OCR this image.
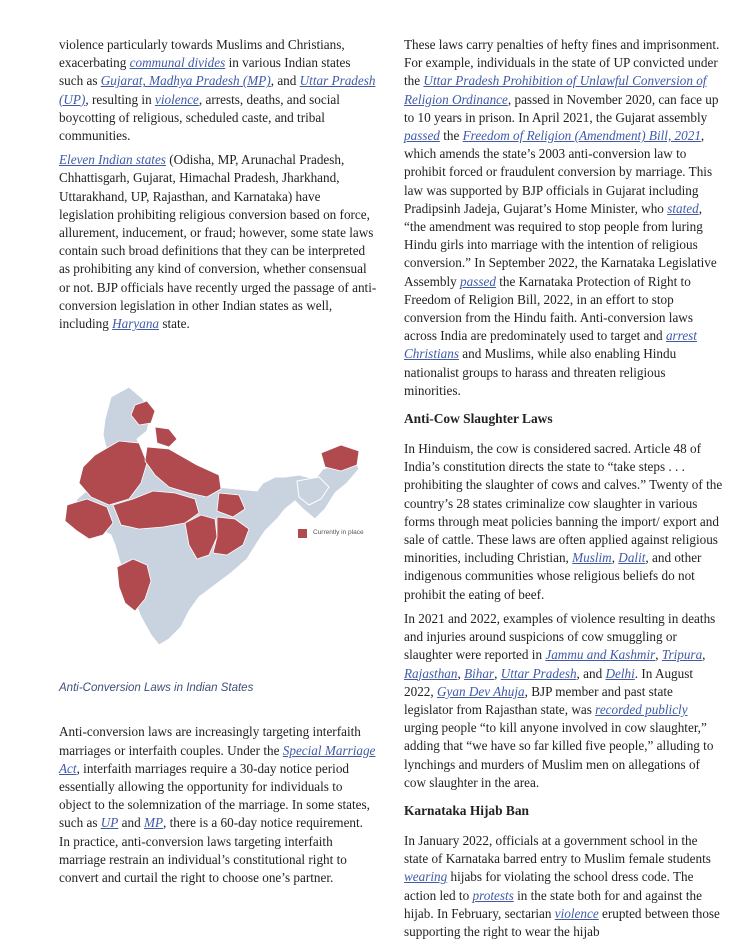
violence particularly towards Muslims and Christians, exacerbating communal divides in various Indian states such as Gujarat, Madhya Pradesh (MP), and Uttar Pradesh (UP), resulting in violence, arrests, deaths, and social boycotting of religious, scheduled caste, and tribal communities.

Eleven Indian states (Odisha, MP, Arunachal Pradesh, Chhattisgarh, Gujarat, Himachal Pradesh, Jharkhand, Uttarakhand, UP, Rajasthan, and Karnataka) have legislation prohibiting religious conversion based on force, allurement, inducement, or fraud; however, some state laws contain such broad definitions that they can be interpreted as prohibiting any kind of conversion, whether consensual or not. BJP officials have recently urged the passage of anti-conversion legislation in other Indian states as well, including Haryana state.

Currently in place

Anti-Conversion Laws in Indian States

Anti-conversion laws are increasingly targeting interfaith marriages or interfaith couples. Under the Special Marriage Act, interfaith marriages require a 30-day notice period essentially allowing the opportunity for individuals to object to the solemnization of the marriage. In some states, such as UP and MP, there is a 60-day notice requirement. In practice, anti-conversion laws targeting interfaith marriage restrain an individual’s constitutional right to convert and curtail the right to choose one’s partner.

These laws carry penalties of hefty fines and imprisonment. For example, individuals in the state of UP convicted under the Uttar Pradesh Prohibition of Unlawful Conversion of Religion Ordinance, passed in November 2020, can face up to 10 years in prison. In April 2021, the Gujarat assembly passed the Freedom of Religion (Amendment) Bill, 2021, which amends the state’s 2003 anti-conversion law to prohibit forced or fraudulent conversion by marriage. This law was supported by BJP officials in Gujarat including Pradipsinh Jadeja, Gujarat’s Home Minister, who stated, “the amendment was required to stop people from luring Hindu girls into marriage with the intention of religious conversion.” In September 2022, the Karnataka Legislative Assembly passed the Karnataka Protection of Right to Freedom of Religion Bill, 2022, in an effort to stop conversion from the Hindu faith. Anti-conversion laws across India are predominately used to target and arrest Christians and Muslims, while also enabling Hindu nationalist groups to harass and threaten religious minorities.

Anti-Cow Slaughter Laws

In Hinduism, the cow is considered sacred. Article 48 of India’s constitution directs the state to “take steps . . . prohibiting the slaughter of cows and calves.” Twenty of the country’s 28 states criminalize cow slaughter in various forms through meat policies banning the import/ export and sale of cattle. These laws are often applied against religious minorities, including Christian, Muslim, Dalit, and other indigenous communities whose religious beliefs do not prohibit the eating of beef.

In 2021 and 2022, examples of violence resulting in deaths and injuries around suspicions of cow smuggling or slaughter were reported in Jammu and Kashmir, Tripura, Rajasthan, Bihar, Uttar Pradesh, and Delhi. In August 2022, Gyan Dev Ahuja, BJP member and past state legislator from Rajasthan state, was recorded publicly urging people “to kill anyone involved in cow slaughter,” adding that “we have so far killed five people,” alluding to lynchings and murders of Muslim men on allegations of cow slaughter in the area.

Karnataka Hijab Ban

In January 2022, officials at a government school in the state of Karnataka barred entry to Muslim female students wearing hijabs for violating the school dress code. The action led to protests in the state both for and against the hijab. In February, sectarian violence erupted between those supporting the right to wear the hijab
